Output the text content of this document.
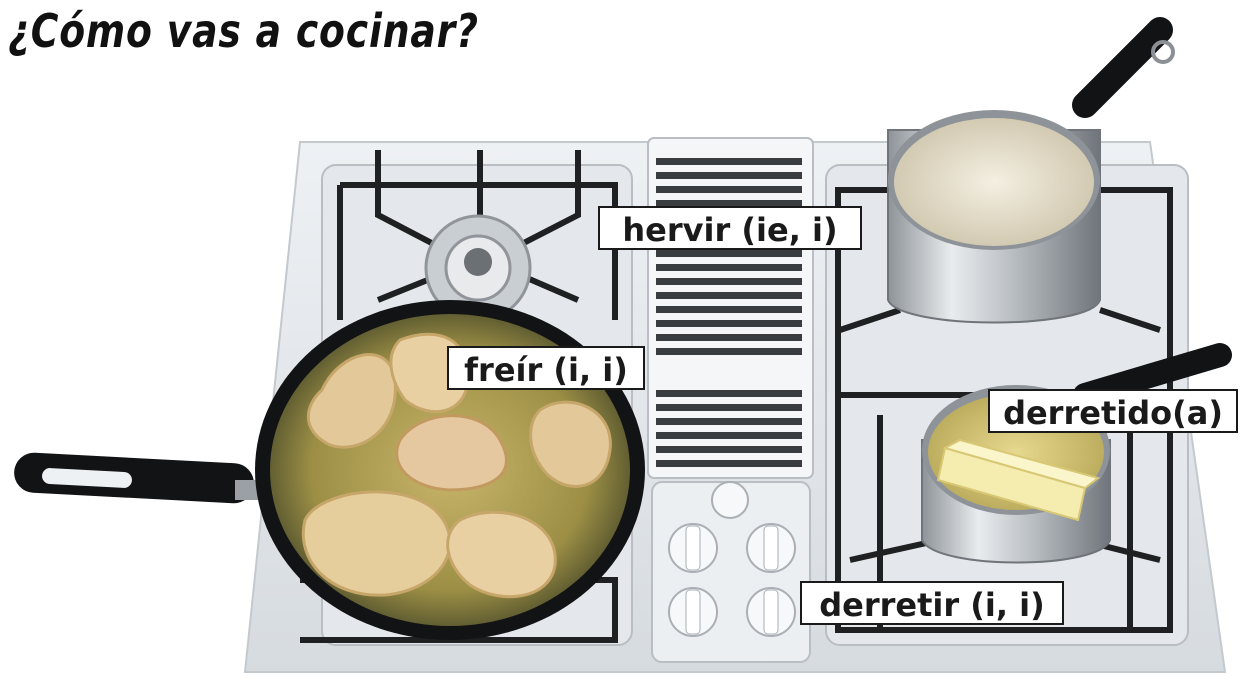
¿Cómo vas a cocinar?
hervir (ie, i)
freír (i, i)
derretido(a)
derretir (i, i)
